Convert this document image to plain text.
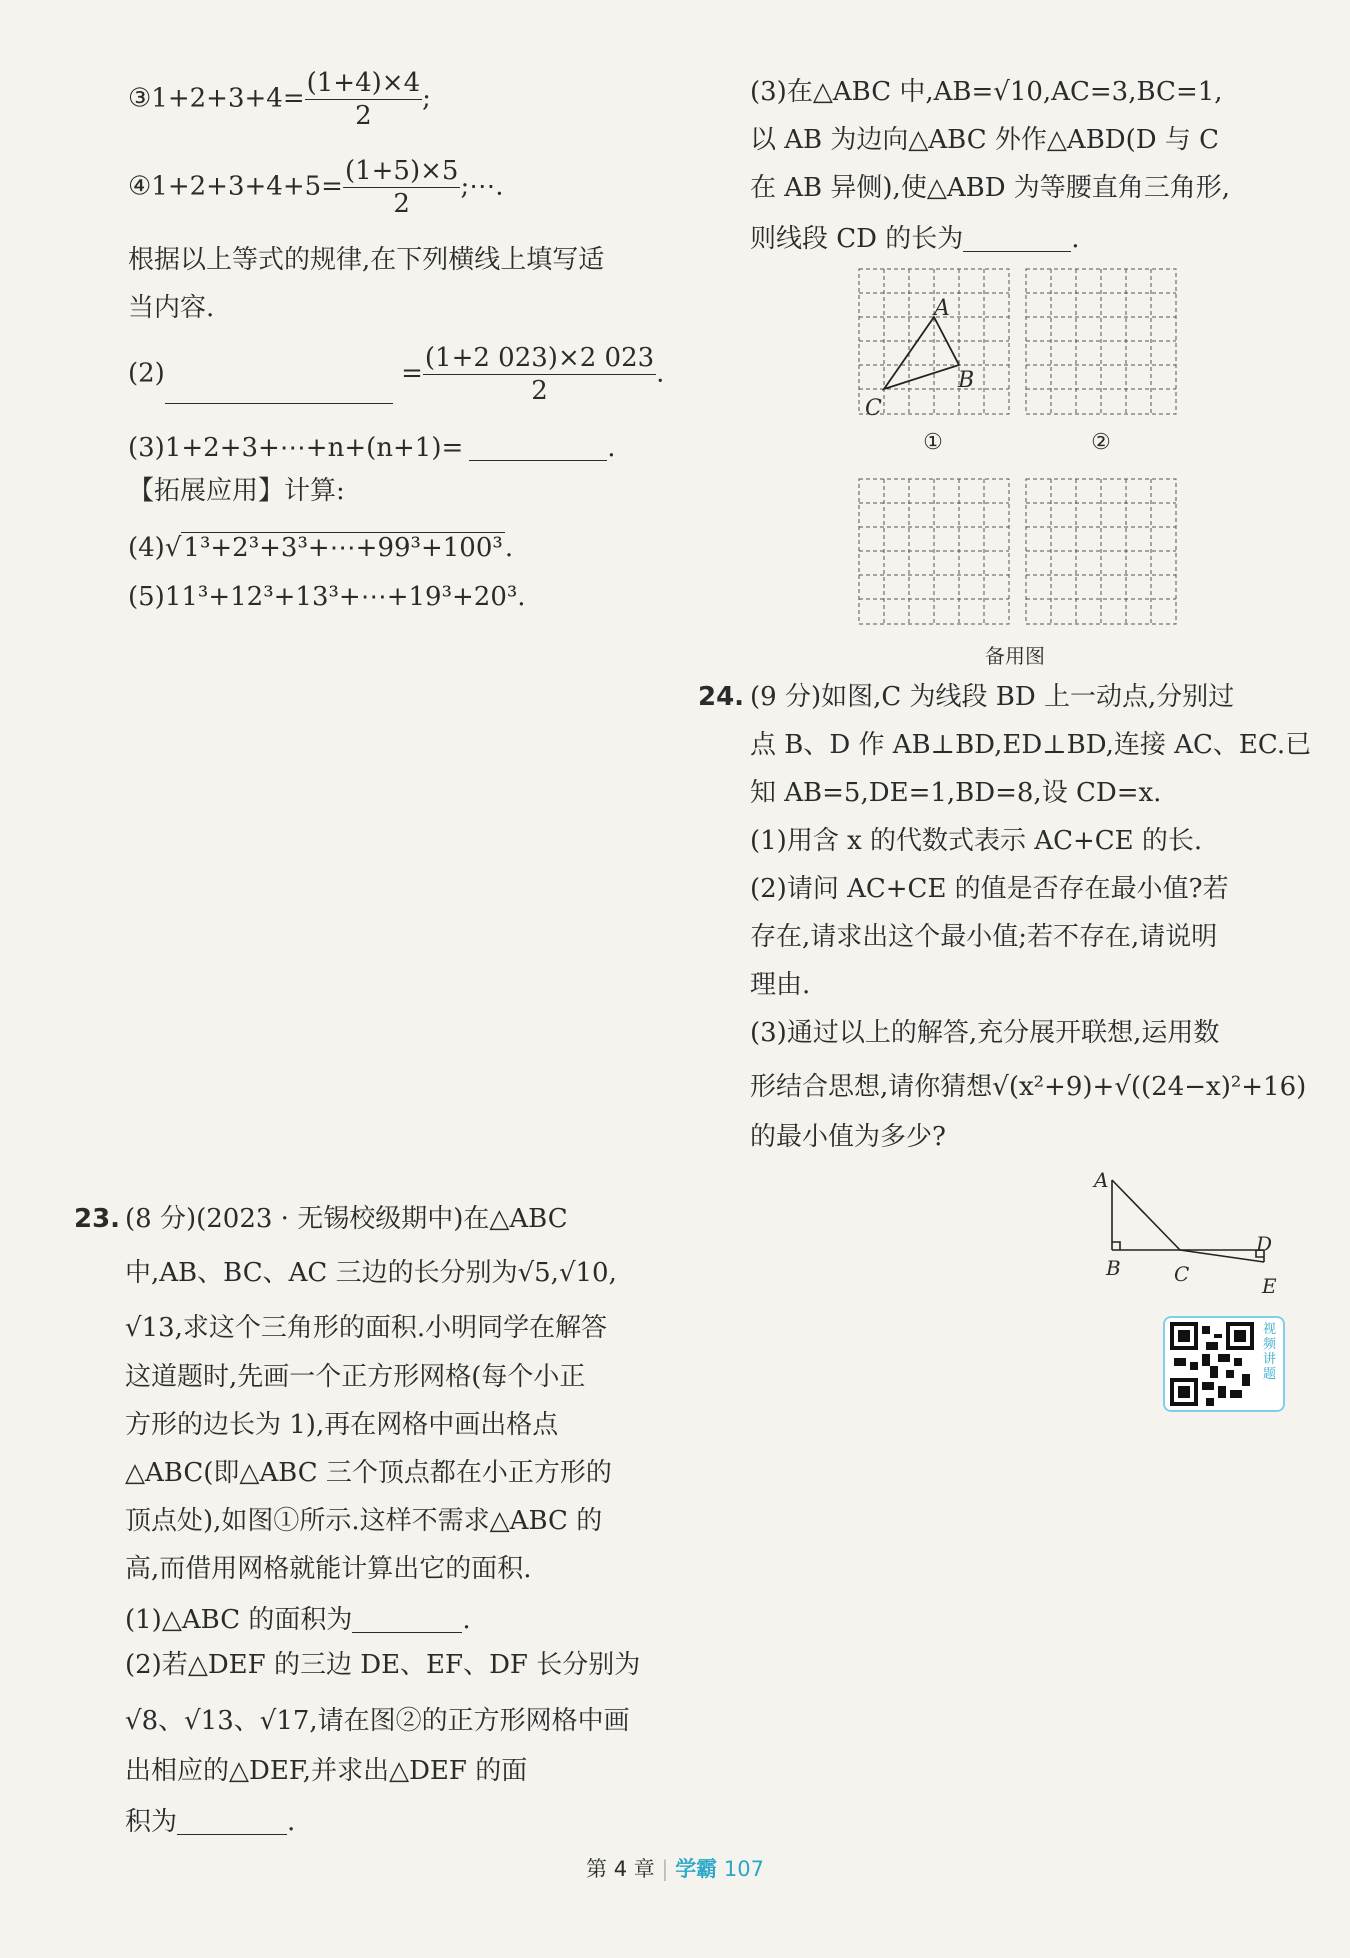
③1+2+3+4= $\frac{(1+4)\times 4}{2}$ ;
④1+2+3+4+5= $\frac{(1+5)\times 5}{2}$ ;⋯.
根据以上等式的规律,在下列横线上填写适
当内容.
(2)	= $\frac{(1+2 023)\times 2 023}{2}$ .
(3)1+2+3+⋯+n+(n+1)=	.
【拓展应用】计算:
(4)√1³+2³+3³+⋯+99³+100³.
(5)11³+12³+13³+⋯+19³+20³.
23. (8 分)(2023 · 无锡校级期中)在△ABC
中,AB、BC、AC 三边的长分别为√5,√10,
√13,求这个三角形的面积.小明同学在解答
这道题时,先画一个正方形网格(每个小正
方形的边长为 1),再在网格中画出格点
△ABC(即△ABC 三个顶点都在小正方形的
顶点处),如图①所示.这样不需求△ABC 的
高,而借用网格就能计算出它的面积.
(1)△ABC 的面积为	.
(2)若△DEF 的三边 DE、EF、DF 长分别为
√8、√13、√17,请在图②的正方形网格中画
出相应的△DEF,并求出△DEF 的面
积为	.
(3)在△ABC 中,AB=√10,AC=3,BC=1,
以 AB 为边向△ABC 外作△ABD(D 与 C
在 AB 异侧),使△ABD 为等腰直角三角形,
则线段 CD 的长为	.
A
B
C
①	②
备用图
24. (9 分)如图,C 为线段 BD 上一动点,分别过
点 B、D 作 AB⊥BD,ED⊥BD,连接 AC、EC.已
知 AB=5,DE=1,BD=8,设 CD=x.
(1)用含 x 的代数式表示 AC+CE 的长.
(2)请问 AC+CE 的值是否存在最小值?若
存在,请求出这个最小值;若不存在,请说明
理由.
(3)通过以上的解答,充分展开联想,运用数
形结合思想,请你猜想√(x²+9)+√((24−x)²+16)
的最小值为多少?
A
B	C
D
E
视频讲题
第 4 章 | 学霸 107
